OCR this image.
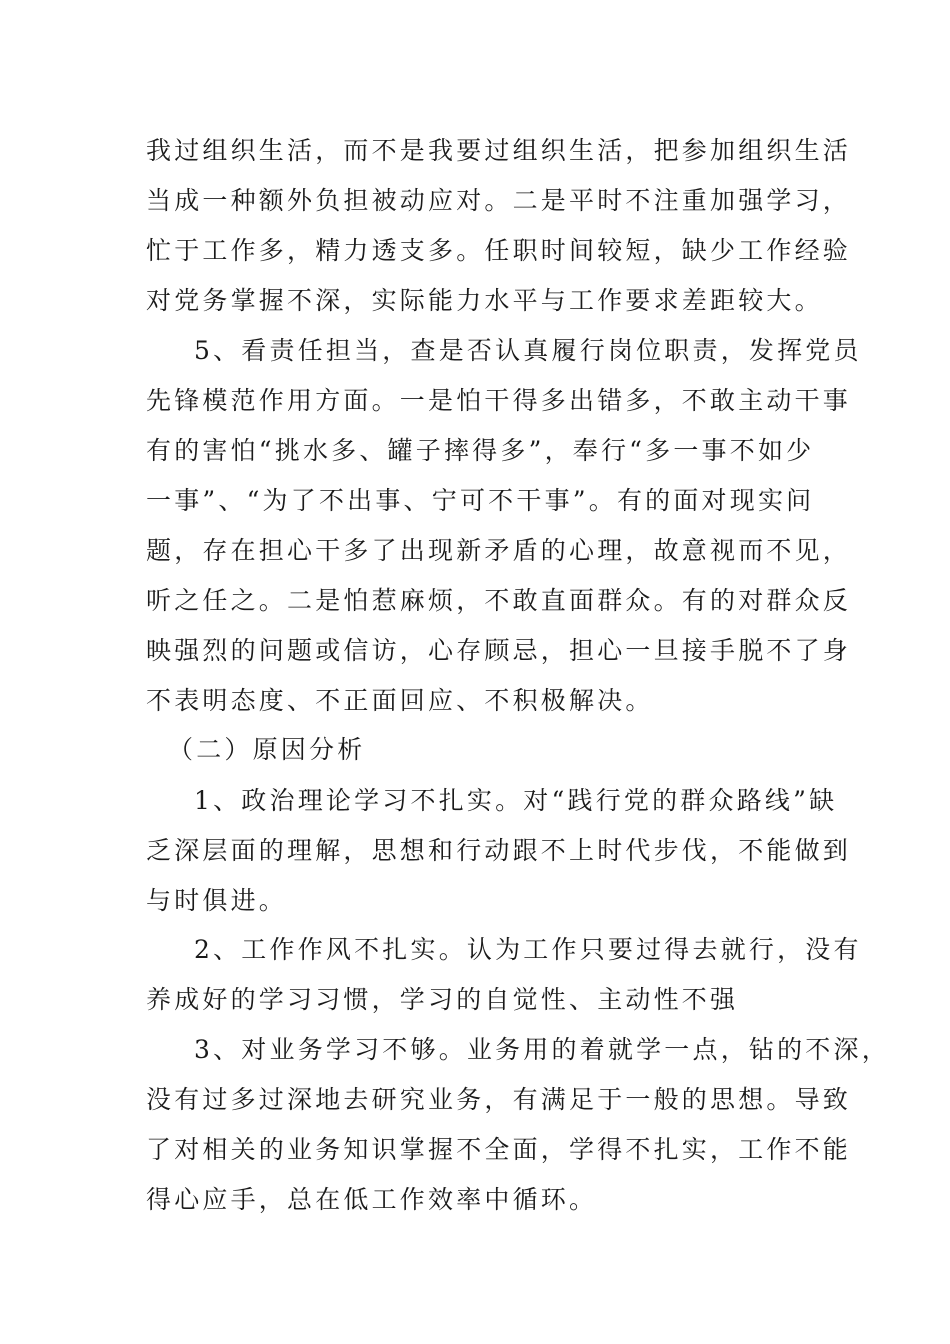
我过组织生活，而不是我要过组织生活，把参加组织生活
当成一种额外负担被动应对。二是平时不注重加强学习，
忙于工作多，精力透支多。任职时间较短，缺少工作经验
对党务掌握不深，实际能力水平与工作要求差距较大。
5、看责任担当，查是否认真履行岗位职责，发挥党员
先锋模范作用方面。一是怕干得多出错多，不敢主动干事
有的害怕“挑水多、罐子摔得多”，奉行“多一事不如少
一事”、“为了不出事、宁可不干事”。有的面对现实问
题，存在担心干多了出现新矛盾的心理，故意视而不见，
听之任之。二是怕惹麻烦，不敢直面群众。有的对群众反
映强烈的问题或信访，心存顾忌，担心一旦接手脱不了身
不表明态度、不正面回应、不积极解决。
（二）原因分析
1、政治理论学习不扎实。对“践行党的群众路线”缺
乏深层面的理解，思想和行动跟不上时代步伐，不能做到
与时俱进。
2、工作作风不扎实。认为工作只要过得去就行，没有
养成好的学习习惯，学习的自觉性、主动性不强
3、对业务学习不够。业务用的着就学一点，钻的不深，
没有过多过深地去研究业务，有满足于一般的思想。导致
了对相关的业务知识掌握不全面，学得不扎实，工作不能
得心应手，总在低工作效率中循环。
